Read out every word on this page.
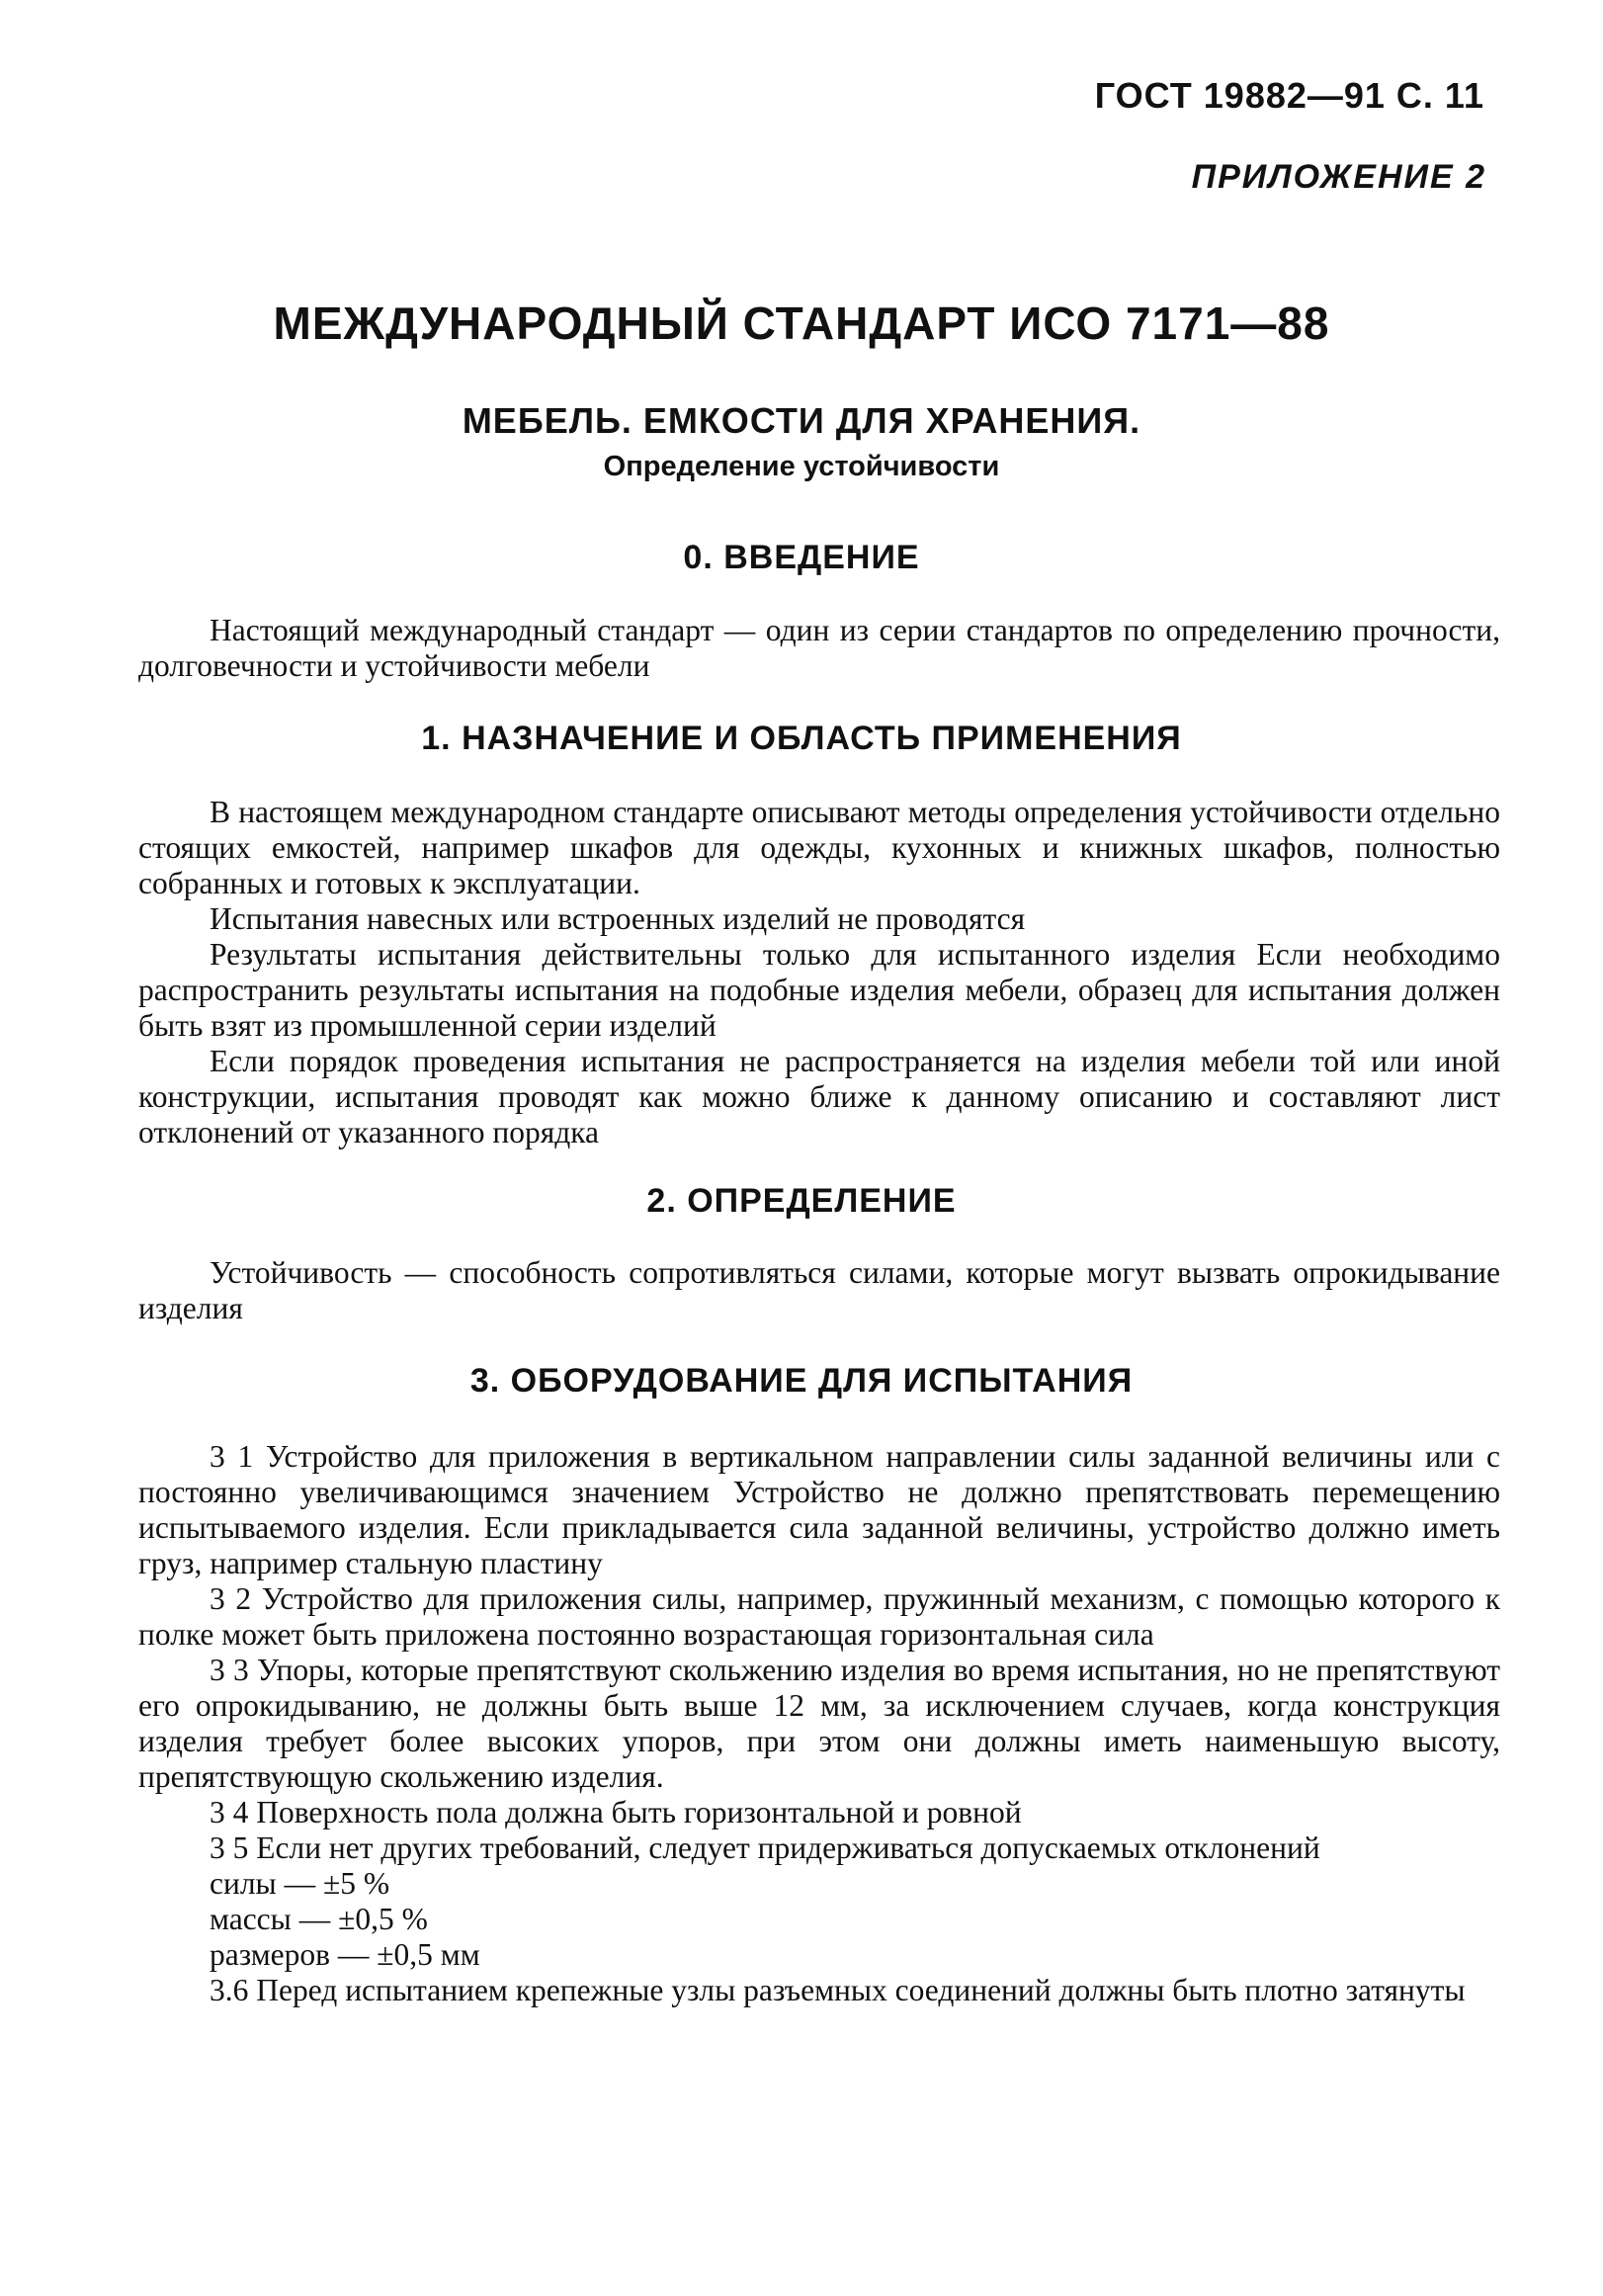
ГОСТ 19882—91 С. 11
ПРИЛОЖЕНИЕ 2
МЕЖДУНАРОДНЫЙ СТАНДАРТ ИСО 7171—88
МЕБЕЛЬ. ЕМКОСТИ ДЛЯ ХРАНЕНИЯ.
Определение устойчивости
0. ВВЕДЕНИЕ

Настоящий международный стандарт — один из серии стандартов по определению прочности, долговечности и устойчивости мебели

1. НАЗНАЧЕНИЕ И ОБЛАСТЬ ПРИМЕНЕНИЯ

В настоящем международном стандарте описывают методы определения устойчивости отдельно стоящих емкостей, например шкафов для одежды, кухонных и книжных шкафов, полностью собранных и готовых к эксплуатации.

Испытания навесных или встроенных изделий не проводятся

Результаты испытания действительны только для испытанного изделия Если необходимо распространить результаты испытания на подобные изделия мебели, образец для испытания должен быть взят из промышленной серии изделий

Если порядок проведения испытания не распространяется на изделия мебели той или иной конструкции, испытания проводят как можно ближе к данному описанию и составляют лист отклонений от указанного порядка

2. ОПРЕДЕЛЕНИЕ

Устойчивость — способность сопротивляться силами, которые могут вызвать опрокидывание изделия

3. ОБОРУДОВАНИЕ ДЛЯ ИСПЫТАНИЯ

3 1 Устройство для приложения в вертикальном направлении силы заданной величины или с постоянно увеличивающимся значением Устройство не должно препятствовать перемещению испытываемого изделия. Если прикладывается сила заданной величины, устройство должно иметь груз, например стальную пластину

3 2 Устройство для приложения силы, например, пружинный механизм, с помощью которого к полке может быть приложена постоянно возрастающая горизонтальная сила

3 3 Упоры, которые препятствуют скольжению изделия во время испытания, но не препятствуют его опрокидыванию, не должны быть выше 12 мм, за исключением случаев, когда конструкция изделия требует более высоких упоров, при этом они должны иметь наименьшую высоту, препятствующую скольжению изделия.

3 4 Поверхность пола должна быть горизонтальной и ровной

3 5 Если нет других требований, следует придерживаться допускаемых отклонений

силы — ±5 %

массы — ±0,5 %

размеров — ±0,5 мм

3.6 Перед испытанием крепежные узлы разъемных соединений должны быть плотно затянуты
